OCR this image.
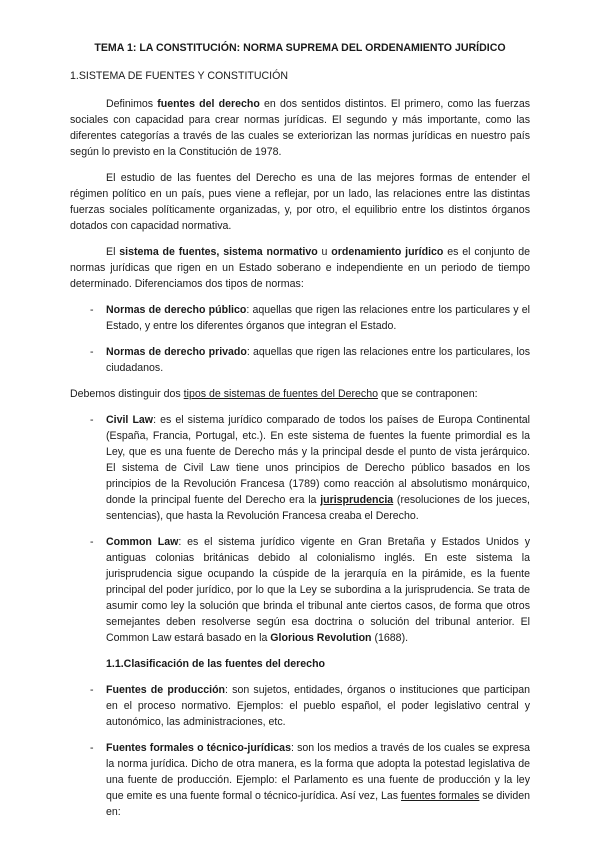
TEMA 1: LA CONSTITUCIÓN: NORMA SUPREMA DEL ORDENAMIENTO JURÍDICO
1.SISTEMA DE FUENTES Y CONSTITUCIÓN

Definimos fuentes del derecho en dos sentidos distintos. El primero, como las fuerzas sociales con capacidad para crear normas jurídicas. El segundo y más importante, como las diferentes categorías a través de las cuales se exteriorizan las normas jurídicas en nuestro país según lo previsto en la Constitución de 1978.

El estudio de las fuentes del Derecho es una de las mejores formas de entender el régimen político en un país, pues viene a reflejar, por un lado, las relaciones entre las distintas fuerzas sociales políticamente organizadas, y, por otro, el equilibrio entre los distintos órganos dotados con capacidad normativa.

El sistema de fuentes, sistema normativo u ordenamiento jurídico es el conjunto de normas jurídicas que rigen en un Estado soberano e independiente en un periodo de tiempo determinado. Diferenciamos dos tipos de normas:

- Normas de derecho público: aquellas que rigen las relaciones entre los particulares y el Estado, y entre los diferentes órganos que integran el Estado.
- Normas de derecho privado: aquellas que rigen las relaciones entre los particulares, los ciudadanos.

Debemos distinguir dos tipos de sistemas de fuentes del Derecho que se contraponen:

- Civil Law: es el sistema jurídico comparado de todos los países de Europa Continental (España, Francia, Portugal, etc.). En este sistema de fuentes la fuente primordial es la Ley, que es una fuente de Derecho más y la principal desde el punto de vista jerárquico. El sistema de Civil Law tiene unos principios de Derecho público basados en los principios de la Revolución Francesa (1789) como reacción al absolutismo monárquico, donde la principal fuente del Derecho era la jurisprudencia (resoluciones de los jueces, sentencias), que hasta la Revolución Francesa creaba el Derecho.
- Common Law: es el sistema jurídico vigente en Gran Bretaña y Estados Unidos y antiguas colonias británicas debido al colonialismo inglés. En este sistema la jurisprudencia sigue ocupando la cúspide de la jerarquía en la pirámide, es la fuente principal del poder jurídico, por lo que la Ley se subordina a la jurisprudencia. Se trata de asumir como ley la solución que brinda el tribunal ante ciertos casos, de forma que otros semejantes deben resolverse según esa doctrina o solución del tribunal anterior. El Common Law estará basado en la Glorious Revolution (1688).
1.1.Clasificación de las fuentes del derecho
- Fuentes de producción: son sujetos, entidades, órganos o instituciones que participan en el proceso normativo. Ejemplos: el pueblo español, el poder legislativo central y autonómico, las administraciones, etc.
- Fuentes formales o técnico-jurídicas: son los medios a través de los cuales se expresa la norma jurídica. Dicho de otra manera, es la forma que adopta la potestad legislativa de una fuente de producción. Ejemplo: el Parlamento es una fuente de producción y la ley que emite es una fuente formal o técnico-jurídica. Así vez, Las fuentes formales se dividen en:
